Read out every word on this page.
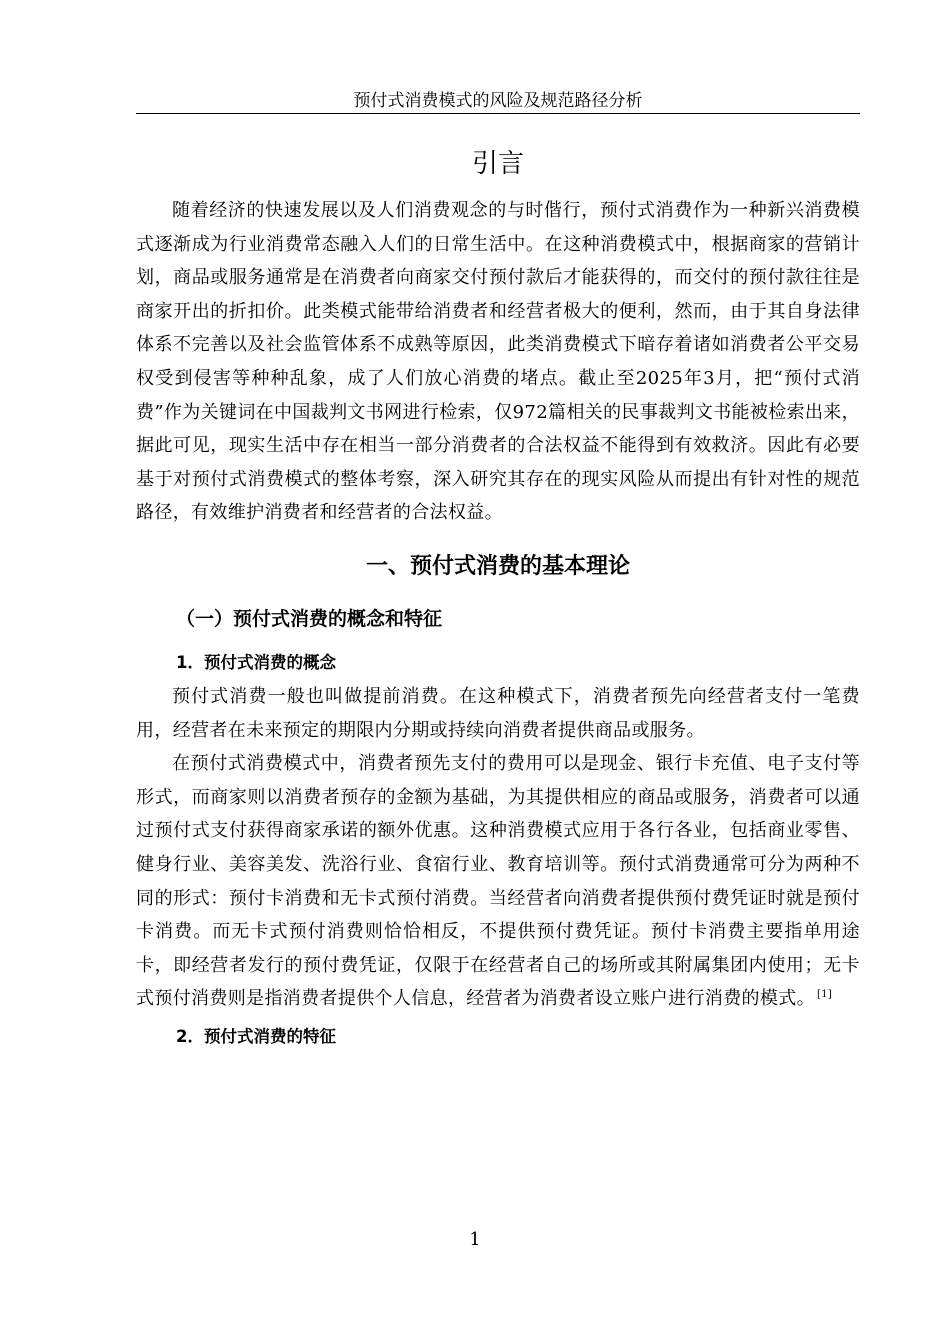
预付式消费模式的风险及规范路径分析
引言

随着经济的快速发展以及人们消费观念的与时偕行，预付式消费作为一种新兴消费模式逐渐成为行业消费常态融入人们的日常生活中。在这种消费模式中，根据商家的营销计划，商品或服务通常是在消费者向商家交付预付款后才能获得的，而交付的预付款往往是商家开出的折扣价。此类模式能带给消费者和经营者极大的便利，然而，由于其自身法律体系不完善以及社会监管体系不成熟等原因，此类消费模式下暗存着诸如消费者公平交易权受到侵害等种种乱象，成了人们放心消费的堵点。截止至2025年3月，把“预付式消费”作为关键词在中国裁判文书网进行检索，仅972篇相关的民事裁判文书能被检索出来，据此可见，现实生活中存在相当一部分消费者的合法权益不能得到有效救济。因此有必要基于对预付式消费模式的整体考察，深入研究其存在的现实风险从而提出有针对性的规范路径，有效维护消费者和经营者的合法权益。

一、预付式消费的基本理论
（一）预付式消费的概念和特征
1．预付式消费的概念

预付式消费一般也叫做提前消费。在这种模式下，消费者预先向经营者支付一笔费用，经营者在未来预定的期限内分期或持续向消费者提供商品或服务。

在预付式消费模式中，消费者预先支付的费用可以是现金、银行卡充值、电子支付等形式，而商家则以消费者预存的金额为基础，为其提供相应的商品或服务，消费者可以通过预付式支付获得商家承诺的额外优惠。这种消费模式应用于各行各业，包括商业零售、健身行业、美容美发、洗浴行业、食宿行业、教育培训等。预付式消费通常可分为两种不同的形式：预付卡消费和无卡式预付消费。当经营者向消费者提供预付费凭证时就是预付卡消费。而无卡式预付消费则恰恰相反，不提供预付费凭证。预付卡消费主要指单用途卡，即经营者发行的预付费凭证，仅限于在经营者自己的场所或其附属集团内使用；无卡式预付消费则是指消费者提供个人信息，经营者为消费者设立账户进行消费的模式。 [1]

2．预付式消费的特征
1
